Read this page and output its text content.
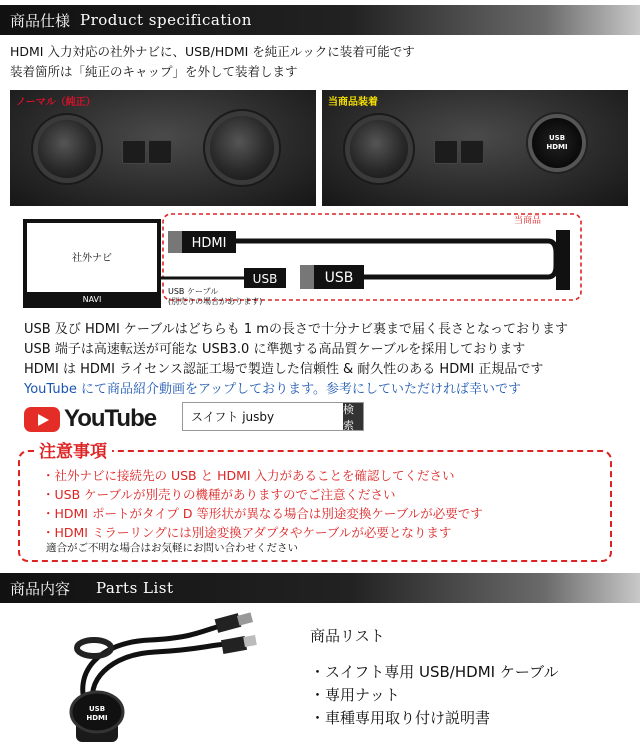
商品仕様 Product specification
HDMI 入力対応の社外ナビに、USB/HDMI を純正ルックに装着可能です
装着箇所は「純正のキャップ」を外して装着します
ノーマル（純正）
USB
HDMI
当商品装着
社外ナビ
NAVI
当商品
HDMI
USB
USB ケーブル
(別売りの場合があります)
USB
USB 及び HDMI ケーブルはどちらも 1 mの長さで十分ナビ裏まで届く長さとなっております
USB 端子は高速転送が可能な USB3.0 に準拠する高品質ケーブルを採用しております
HDMI は HDMI ライセンス認証工場で製造した信頼性 & 耐久性のある HDMI 正規品です
YouTube にて商品紹介動画をアップしております。参考にしていただければ幸いです
YouTube
スイフト jusby	検索
注意事項
・社外ナビに接続先の USB と HDMI 入力があることを確認してください
・USB ケーブルが別売りの機種がありますのでご注意ください
・HDMI ポートがタイプ D 等形状が異なる場合は別途変換ケーブルが必要です
・HDMI ミラーリングには別途変換アダプタやケーブルが必要となります
適合がご不明な場合はお気軽にお問い合わせください
商品内容 Parts List
USB
HDMI
商品リスト
・スイフト専用 USB/HDMI ケーブル
・専用ナット
・車種専用取り付け説明書
